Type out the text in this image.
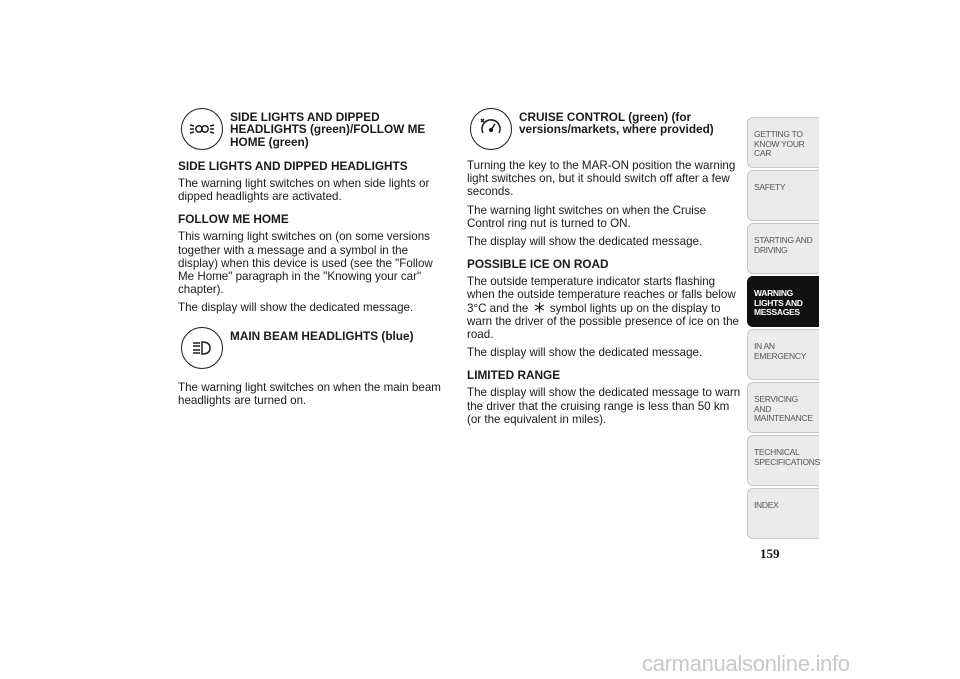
SIDE LIGHTS AND DIPPED HEADLIGHTS (green)/FOLLOW ME HOME (green)
SIDE LIGHTS AND DIPPED HEADLIGHTS

The warning light switches on when side lights or dipped headlights are activated.

FOLLOW ME HOME

This warning light switches on (on some versions together with a message and a symbol in the display) when this device is used (see the "Follow Me Home" paragraph in the "Knowing your car" chapter).

The display will show the dedicated message.

MAIN BEAM HEADLIGHTS (blue)

The warning light switches on when the main beam headlights are turned on.

CRUISE CONTROL (green) (for versions/markets, where provided)

Turning the key to the MAR-ON position the warning light switches on, but it should switch off after a few seconds.

The warning light switches on when the Cruise Control ring nut is turned to ON.

The display will show the dedicated message.

POSSIBLE ICE ON ROAD

The outside temperature indicator starts flashing when the outside temperature reaches or falls below 3°C and the symbol lights up on the display to warn the driver of the possible presence of ice on the road.

The display will show the dedicated message.

LIMITED RANGE

The display will show the dedicated message to warn the driver that the cruising range is less than 50 km (or the equivalent in miles).

GETTING TO KNOW YOUR CAR
SAFETY
STARTING AND DRIVING
WARNING LIGHTS AND MESSAGES
IN AN EMERGENCY
SERVICING AND MAINTENANCE
TECHNICAL SPECIFICATIONS
INDEX
159
carmanualsonline.info
